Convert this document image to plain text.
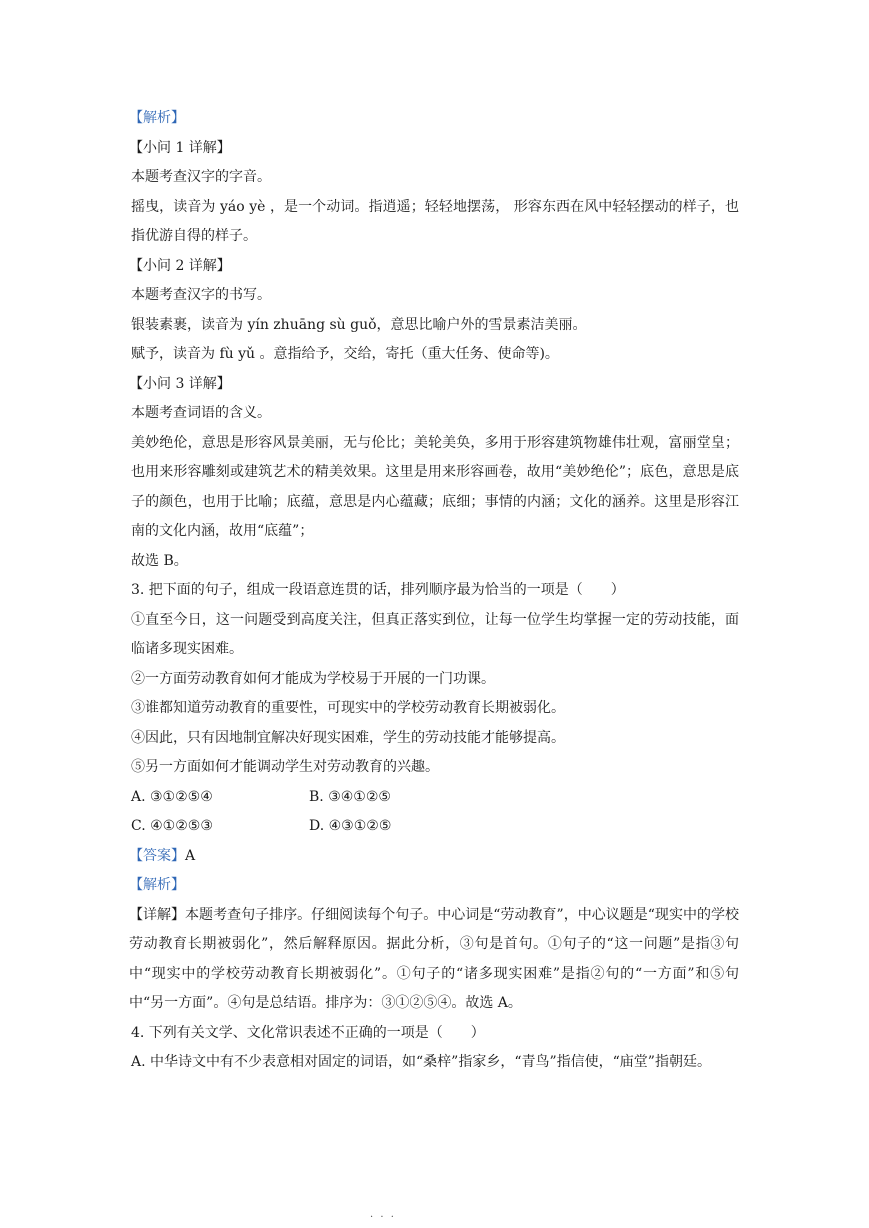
【解析】

【小问 1 详解】

本题考查汉字的字音。

摇曳，读音为 yáo yè ，是一个动词。指逍遥；轻轻地摆荡， 形容东西在风中轻轻摆动的样子，也指优游自得的样子。

【小问 2 详解】

本题考查汉字的书写。

银装素裹，读音为 yín zhuāng sù guǒ，意思比喻户外的雪景素洁美丽。

赋予，读音为 fù yǔ 。意指给予，交给，寄托（重大任务、使命等)。

【小问 3 详解】

本题考查词语的含义。

美妙绝伦，意思是形容风景美丽，无与伦比；美轮美奂，多用于形容建筑物雄伟壮观，富丽堂皇；也用来形容雕刻或建筑艺术的精美效果。这里是用来形容画卷，故用“美妙绝伦”；底色，意思是底子的颜色，也用于比喻；底蕴，意思是内心蕴藏；底细；事情的内涵；文化的涵养。这里是形容江南的文化内涵，故用“底蕴”；

故选 B。

3. 把下面的句子，组成一段语意连贯的话，排列顺序最为恰当的一项是（　　）

①直至今日，这一问题受到高度关注，但真正落实到位，让每一位学生均掌握一定的劳动技能，面临诸多现实困难。

②一方面劳动教育如何才能成为学校易于开展的一门功课。

③谁都知道劳动教育的重要性，可现实中的学校劳动教育长期被弱化。

④因此，只有因地制宜解决好现实困难，学生的劳动技能才能够提高。

⑤另一方面如何才能调动学生对劳动教育的兴趣。

A. ③①②⑤④	B. ③④①②⑤
C. ④①②⑤③	D. ④③①②⑤

【答案】A

【解析】

【详解】本题考查句子排序。仔细阅读每个句子。中心词是“劳动教育”，中心议题是“现实中的学校劳动教育长期被弱化”，然后解释原因。据此分析，③句是首句。①句子的“这一问题”是指③句中“现实中的学校劳动教育长期被弱化”。①句子的“诸多现实困难”是指②句的“一方面”和⑤句中“另一方面”。④句是总结语。排序为：③①②⑤④。故选 A。

4. 下列有关文学、文化常识表述不正确的一项是（　　）

A. 中华诗文中有不少表意相对固定的词语，如“桑梓”指家乡，“青鸟”指信使，“庙堂”指朝廷。

· · ·
